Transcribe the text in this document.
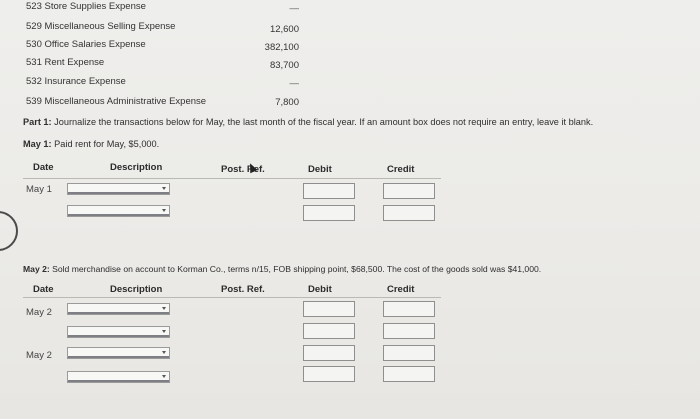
523 Store Supplies Expense	—
529 Miscellaneous Selling Expense	12,600
530 Office Salaries Expense	382,100
531 Rent Expense	83,700
532 Insurance Expense	—
539 Miscellaneous Administrative Expense	7,800
Part 1: Journalize the transactions below for May, the last month of the fiscal year. If an amount box does not require an entry, leave it blank.
May 1: Paid rent for May, $5,000.
Date	Description	Post. Ref.	Debit	Credit
May 1
May 2: Sold merchandise on account to Korman Co., terms n/15, FOB shipping point, $68,500. The cost of the goods sold was $41,000.
Date	Description	Post. Ref.	Debit	Credit
May 2
May 2
